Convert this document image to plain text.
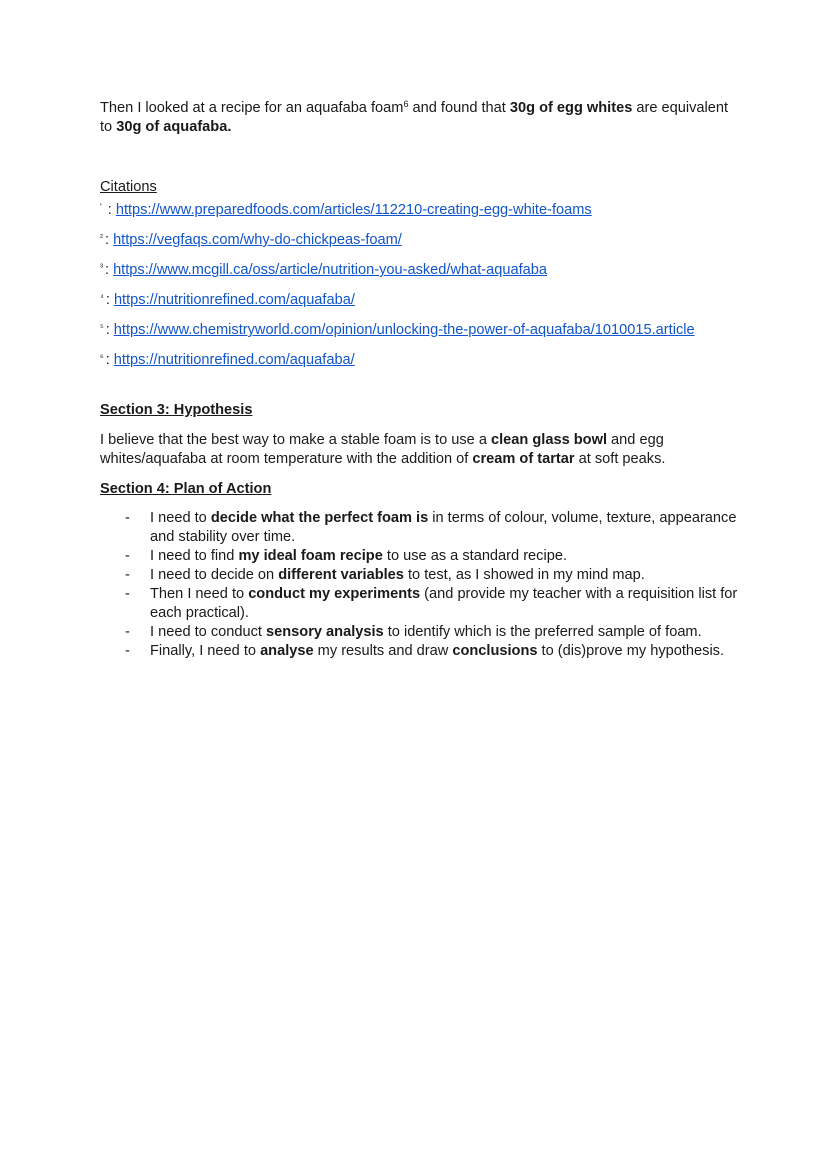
Then I looked at a recipe for an aquafaba foam$^6$ and found that 30g of egg whites are equivalent to 30g of aquafaba.

Citations

' : https://www.preparedfoods.com/articles/112210-creating-egg-white-foams
² : https://vegfaqs.com/why-do-chickpeas-foam/
³ : https://www.mcgill.ca/oss/article/nutrition-you-asked/what-aquafaba
⁴ : https://nutritionrefined.com/aquafaba/
⁵ : https://www.chemistryworld.com/opinion/unlocking-the-power-of-aquafaba/1010015.article
⁶ : https://nutritionrefined.com/aquafaba/

Section 3: Hypothesis

I believe that the best way to make a stable foam is to use a clean glass bowl and egg whites/aquafaba at room temperature with the addition of cream of tartar at soft peaks.

Section 4: Plan of Action

- I need to decide what the perfect foam is in terms of colour, volume, texture, appearance and stability over time.
- I need to find my ideal foam recipe to use as a standard recipe.
- I need to decide on different variables to test, as I showed in my mind map.
- Then I need to conduct my experiments (and provide my teacher with a requisition list for each practical).
- I need to conduct sensory analysis to identify which is the preferred sample of foam.
- Finally, I need to analyse my results and draw conclusions to (dis)prove my hypothesis.
